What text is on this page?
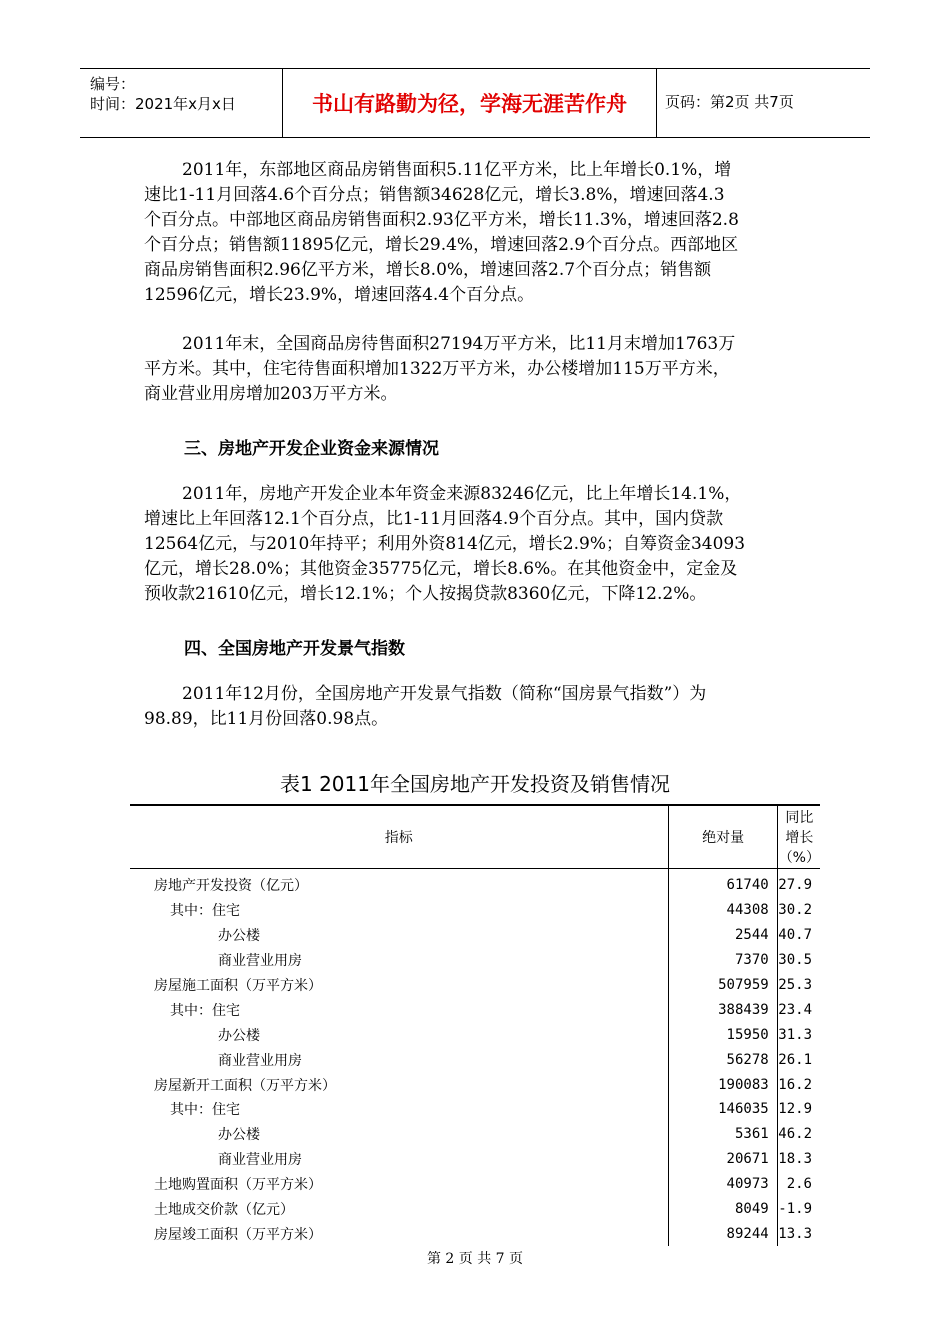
编号：
时间：2021年x月x日	书山有路勤为径，学海无涯苦作舟	页码：第2页 共7页
2011年，东部地区商品房销售面积5.11亿平方米，比上年增长0.1%，增
速比1-11月回落4.6个百分点；销售额34628亿元，增长3.8%，增速回落4.3
个百分点。中部地区商品房销售面积2.93亿平方米，增长11.3%，增速回落2.8
个百分点；销售额11895亿元，增长29.4%，增速回落2.9个百分点。西部地区
商品房销售面积2.96亿平方米，增长8.0%，增速回落2.7个百分点；销售额
12596亿元，增长23.9%，增速回落4.4个百分点。
2011年末，全国商品房待售面积27194万平方米，比11月末增加1763万
平方米。其中，住宅待售面积增加1322万平方米，办公楼增加115万平方米，
商业营业用房增加203万平方米。
三、房地产开发企业资金来源情况
2011年，房地产开发企业本年资金来源83246亿元，比上年增长14.1%，
增速比上年回落12.1个百分点，比1-11月回落4.9个百分点。其中，国内贷款
12564亿元，与2010年持平；利用外资814亿元，增长2.9%；自筹资金34093
亿元，增长28.0%；其他资金35775亿元，增长8.6%。在其他资金中，定金及
预收款21610亿元，增长12.1%；个人按揭贷款8360亿元，下降12.2%。
四、全国房地产开发景气指数
2011年12月份，全国房地产开发景气指数（简称“国房景气指数”）为
98.89，比11月份回落0.98点。
表1 2011年全国房地产开发投资及销售情况
指标	绝对量	同比增长（%）
房地产开发投资（亿元）	61740	27.9
其中：住宅	44308	30.2
办公楼	2544	40.7
商业营业用房	7370	30.5
房屋施工面积（万平方米）	507959	25.3
其中：住宅	388439	23.4
办公楼	15950	31.3
商业营业用房	56278	26.1
房屋新开工面积（万平方米）	190083	16.2
其中：住宅	146035	12.9
办公楼	5361	46.2
商业营业用房	20671	18.3
土地购置面积（万平方米）	40973	2.6
土地成交价款（亿元）	8049	-1.9
房屋竣工面积（万平方米）	89244	13.3
第 2 页 共 7 页
